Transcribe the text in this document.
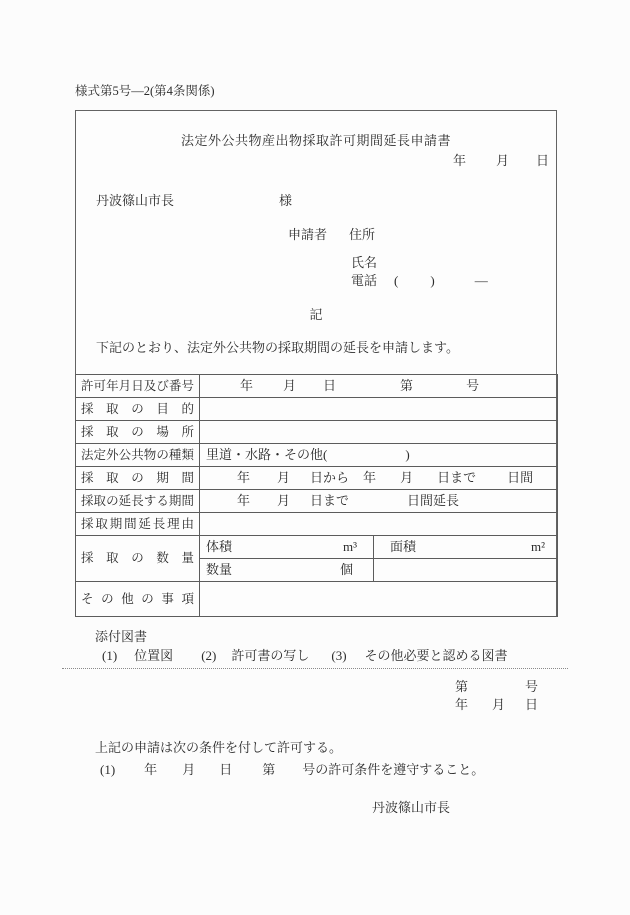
様式第5号―2(第4条関係)
法定外公共物産出物採取許可期間延長申請書
年 月 日
丹波篠山市長	様
申請者 住所
氏名
電話 ( )	―
記
下記のとおり、法定外公共物の採取期間の延長を申請します。
許可年月日及び番号	年 月 日 第 号	
採取の目的		
採取の場所		
法定外公共物の種類	里道・水路・その他(　　　　　　)	
採取の期間	年 月 日から 年 月 日まで 日間	
採取の延長する期間	年 月 日まで 日間延長	
採取期間延長理由		
採取の数量	体積 m³	面積 m²

	数量 個	

その他の事項		
添付図書
(1) 位置図 (2) 許可書の写し (3) その他必要と認める図書
第	号
年 月 日
上記の申請は次の条件を付して許可する。
(1) 年 月 日 第 号の許可条件を遵守すること。
丹波篠山市長
